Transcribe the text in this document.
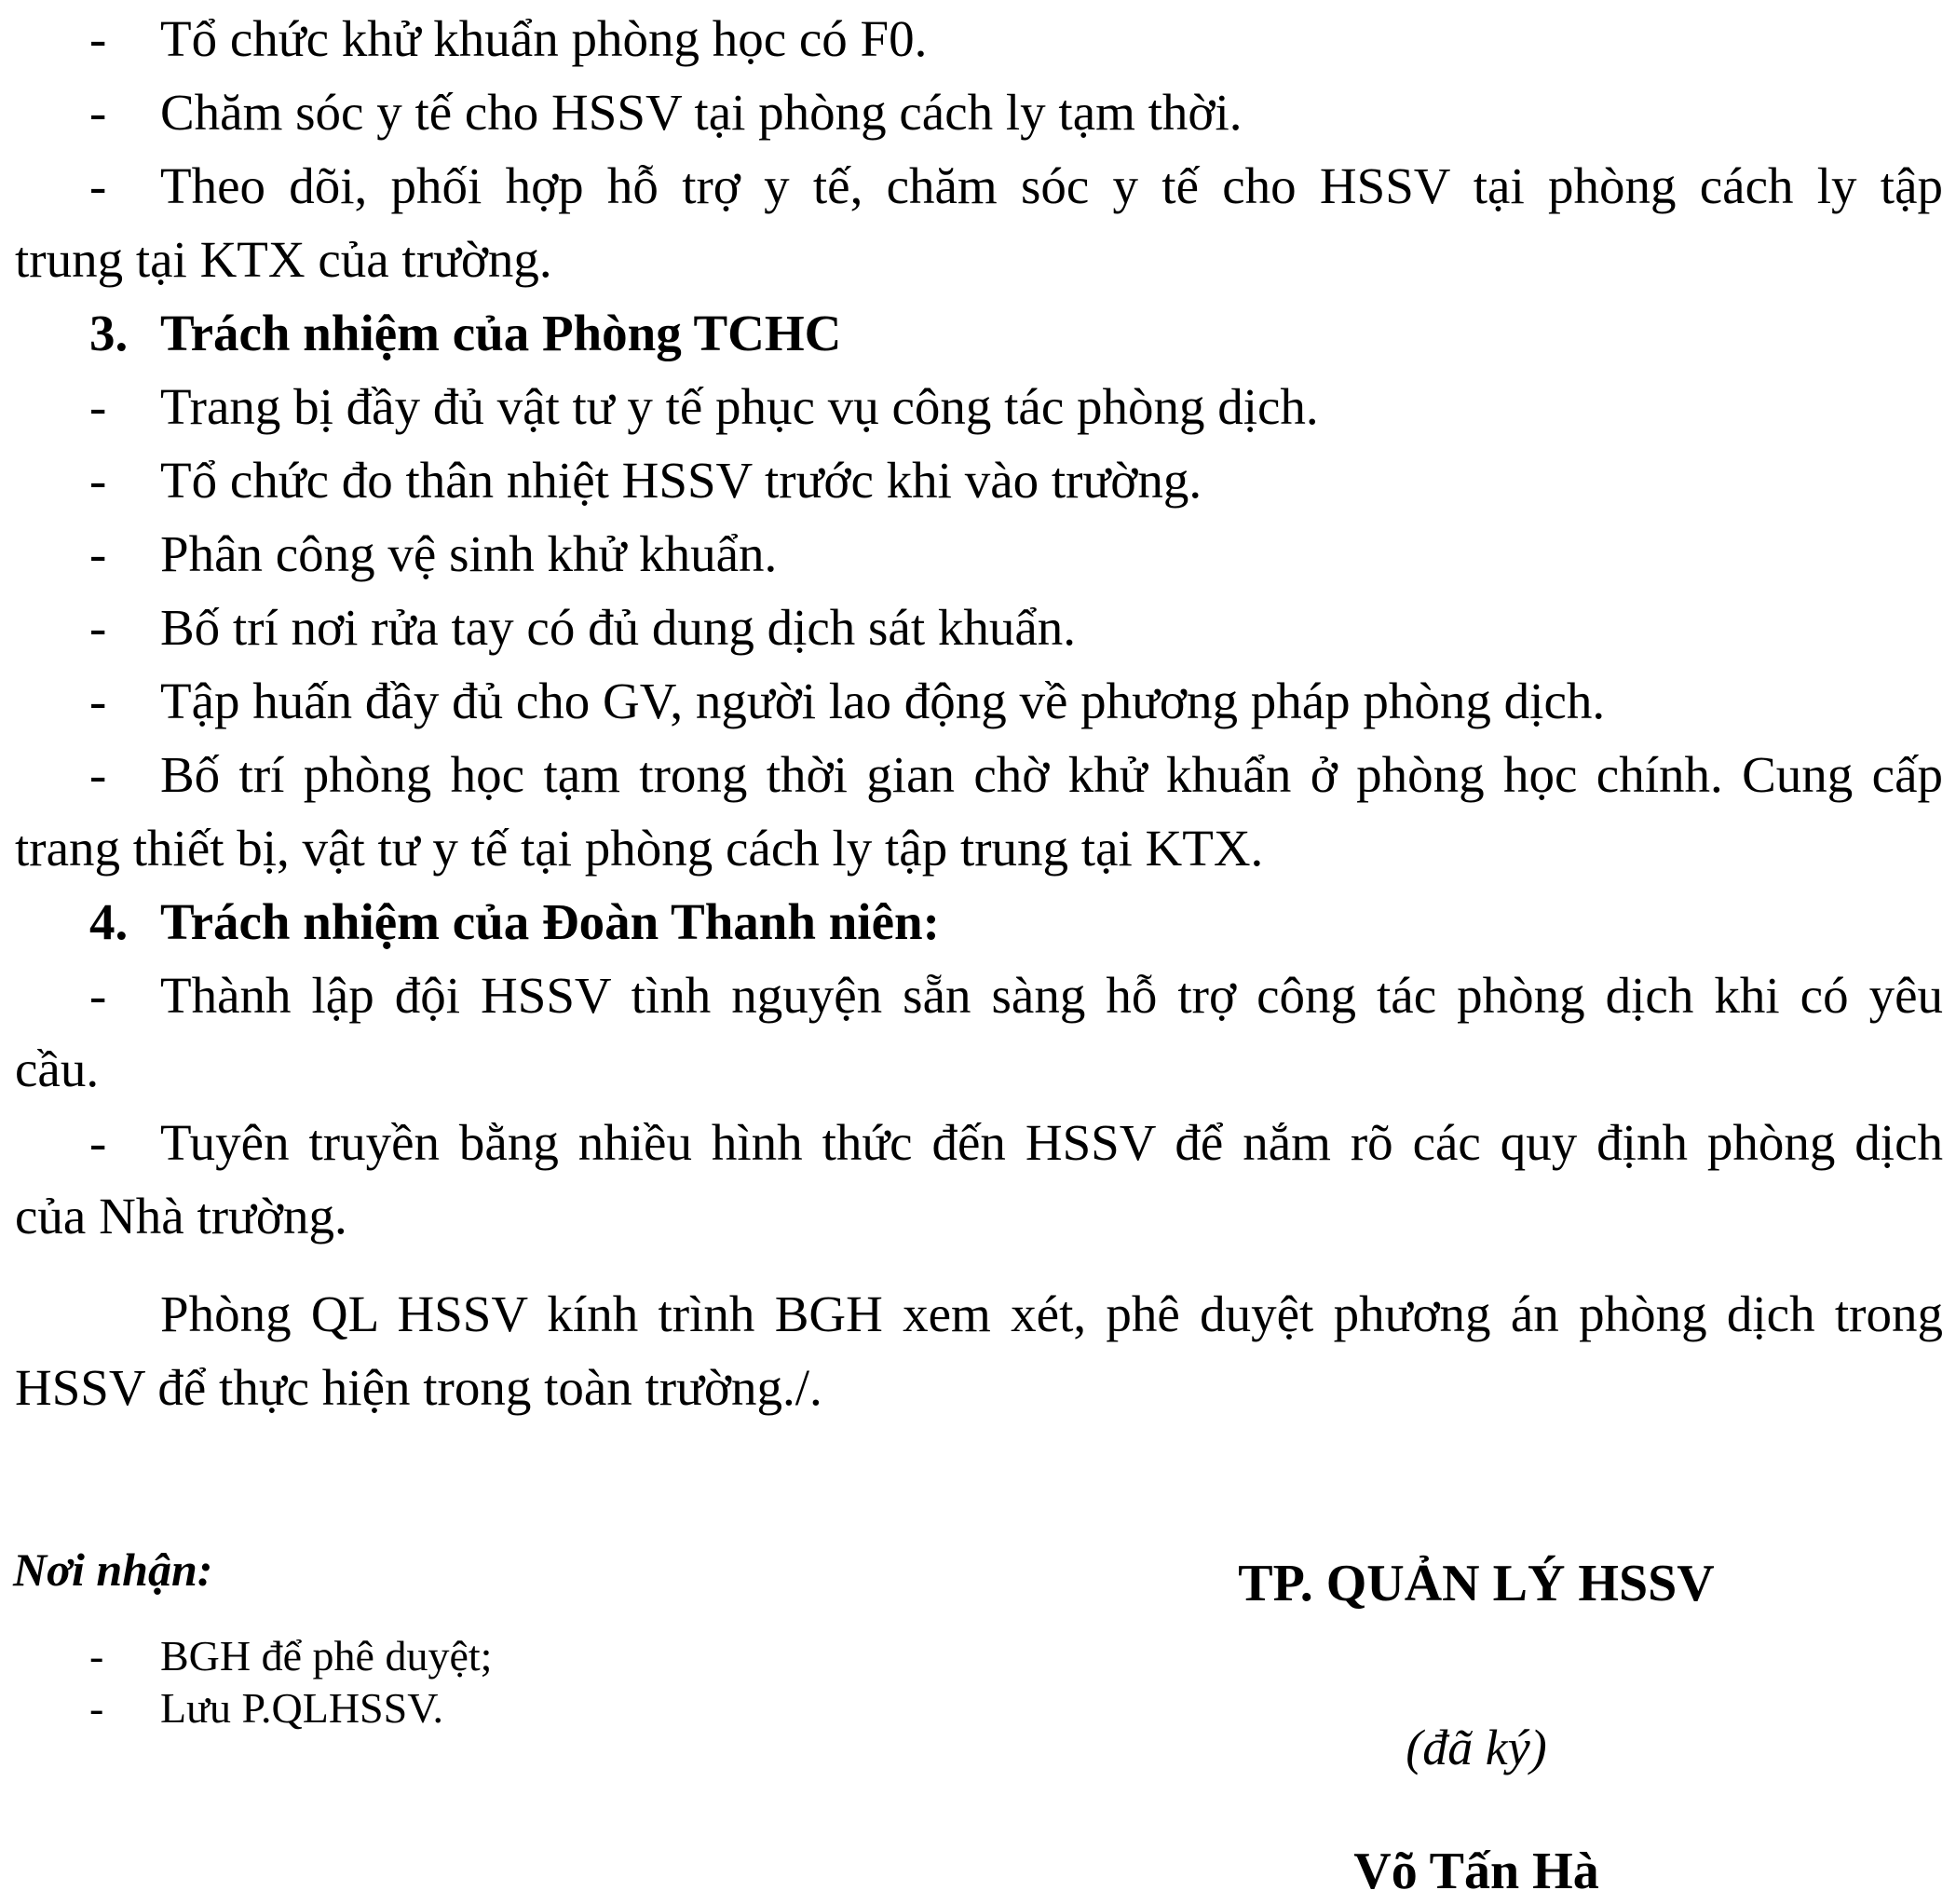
-	Tổ chức khử khuẩn phòng học có F0.
-	Chăm sóc y tế cho HSSV tại phòng cách ly tạm thời.
-	Theo dõi, phối hợp hỗ trợ y tế, chăm sóc y tế cho HSSV tại phòng cách ly tập
trung tại KTX của trường.
3. Trách nhiệm của Phòng TCHC
-	Trang bị đầy đủ vật tư y tế phục vụ công tác phòng dịch.
-	Tổ chức đo thân nhiệt HSSV trước khi vào trường.
-	Phân công vệ sinh khử khuẩn.
-	Bố trí nơi rửa tay có đủ dung dịch sát khuẩn.
-	Tập huấn đầy đủ cho GV, người lao động về phương pháp phòng dịch.
-	Bố trí phòng học tạm trong thời gian chờ khử khuẩn ở phòng học chính. Cung cấp
trang thiết bị, vật tư y tế tại phòng cách ly tập trung tại KTX.
4. Trách nhiệm của Đoàn Thanh niên:
-	Thành lập đội HSSV tình nguyện sẵn sàng hỗ trợ công tác phòng dịch khi có yêu
cầu.
-	Tuyên truyền bằng nhiều hình thức đến HSSV để nắm rõ các quy định phòng dịch
của Nhà trường.
Phòng QL HSSV kính trình BGH xem xét, phê duyệt phương án phòng dịch trong
HSSV để thực hiện trong toàn trường./.
Nơi nhận:
- BGH để phê duyệt;
- Lưu P.QLHSSV.
TP. QUẢN LÝ HSSV
(đã ký)
Võ Tấn Hà
